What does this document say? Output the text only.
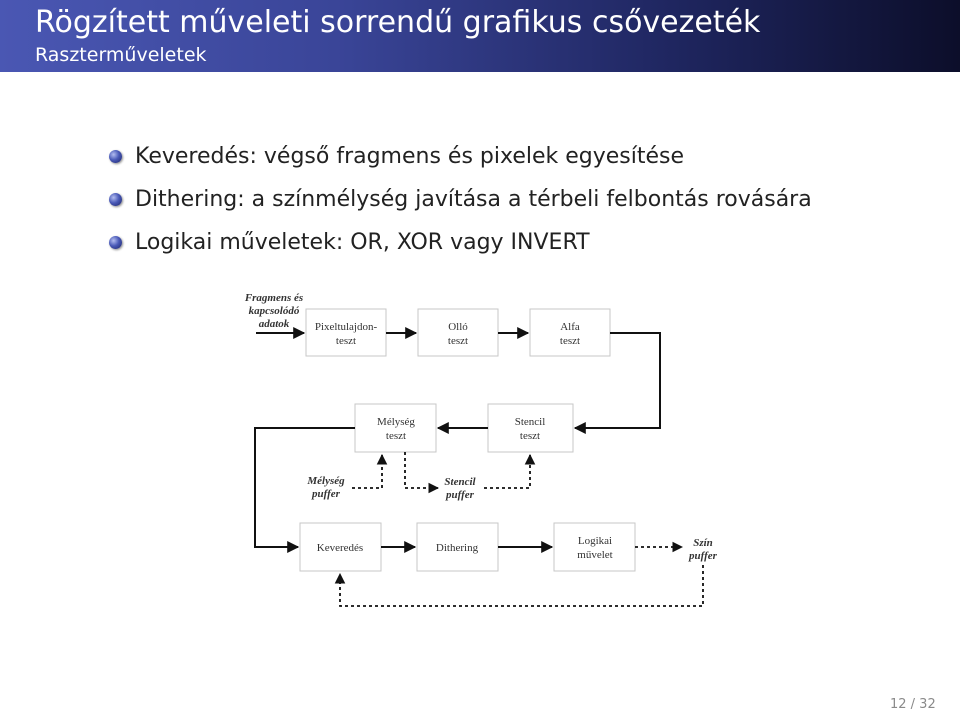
Rögzített műveleti sorrendű grafikus csővezeték
Raszterműveletek
Keveredés: végső fragmens és pixelek egyesítése
Dithering: a színmélység javítása a térbeli felbontás rovására
Logikai műveletek: OR, XOR vagy INVERT
Fragmens és
kapcsolódó
adatok Pixeltulajdon-
teszt
Olló
teszt
Alfa
teszt
Stencil
teszt
Mélység
teszt
Mélység
puffer
Stencil
puffer
Keveredés	Dithering
Logikai
művelet
Szín
puffer
12 / 32
